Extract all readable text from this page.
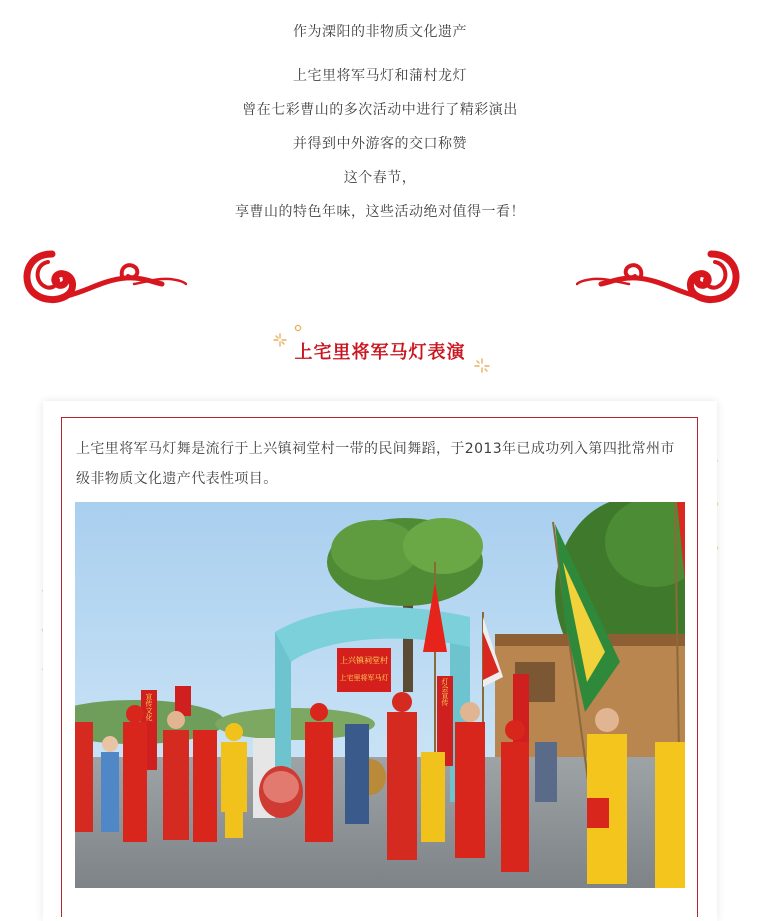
作为溧阳的非物质文化遗产

上宅里将军马灯和蒲村龙灯

曾在七彩曹山的多次活动中进行了精彩演出

并得到中外游客的交口称赞

这个春节，

享曹山的特色年味，这些活动绝对值得一看！

上宅里将军马灯表演

上宅里将军马灯舞是流行于上兴镇祠堂村一带的民间舞蹈，于2013年已成功列入第四批常州市级非物质文化遗产代表性项目。

上兴镇祠堂村
上宅里将军马灯
宣传文化
灯会宣传
